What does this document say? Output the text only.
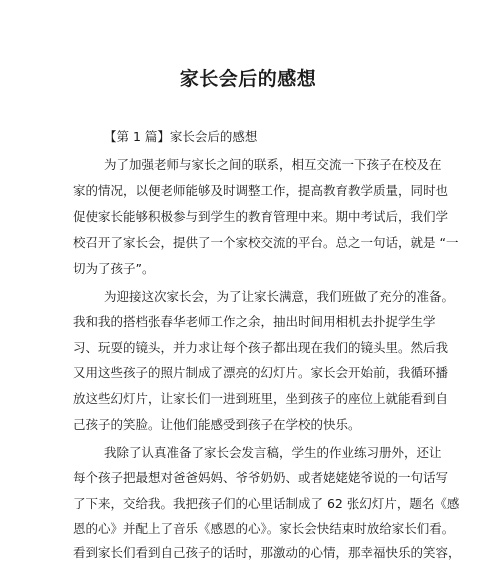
家长会后的感想
【第 1 篇】家长会后的感想
为了加强老师与家长之间的联系，相互交流一下孩子在校及在
家的情况，以便老师能够及时调整工作，提高教育教学质量，同时也
促使家长能够积极参与到学生的教育管理中来。期中考试后，我们学
校召开了家长会，提供了一个家校交流的平台。总之一句话，就是 “一
切为了孩子”。
为迎接这次家长会，为了让家长满意，我们班做了充分的准备。
我和我的搭档张春华老师工作之余，抽出时间用相机去扑捉学生学
习、玩耍的镜头，并力求让每个孩子都出现在我们的镜头里。然后我
又用这些孩子的照片制成了漂亮的幻灯片。家长会开始前，我循环播
放这些幻灯片，让家长们一进到班里，坐到孩子的座位上就能看到自
己孩子的笑脸。让他们能感受到孩子在学校的快乐。
我除了认真准备了家长会发言稿，学生的作业练习册外，还让
每个孩子把最想对爸爸妈妈、爷爷奶奶、或者姥姥姥爷说的一句话写
了下来，交给我。我把孩子们的心里话制成了 62 张幻灯片，题名《感
恩的心》并配上了音乐《感恩的心》。家长会快结束时放给家长们看。
看到家长们看到自己孩子的话时，那激动的心情，那幸福快乐的笑容，
